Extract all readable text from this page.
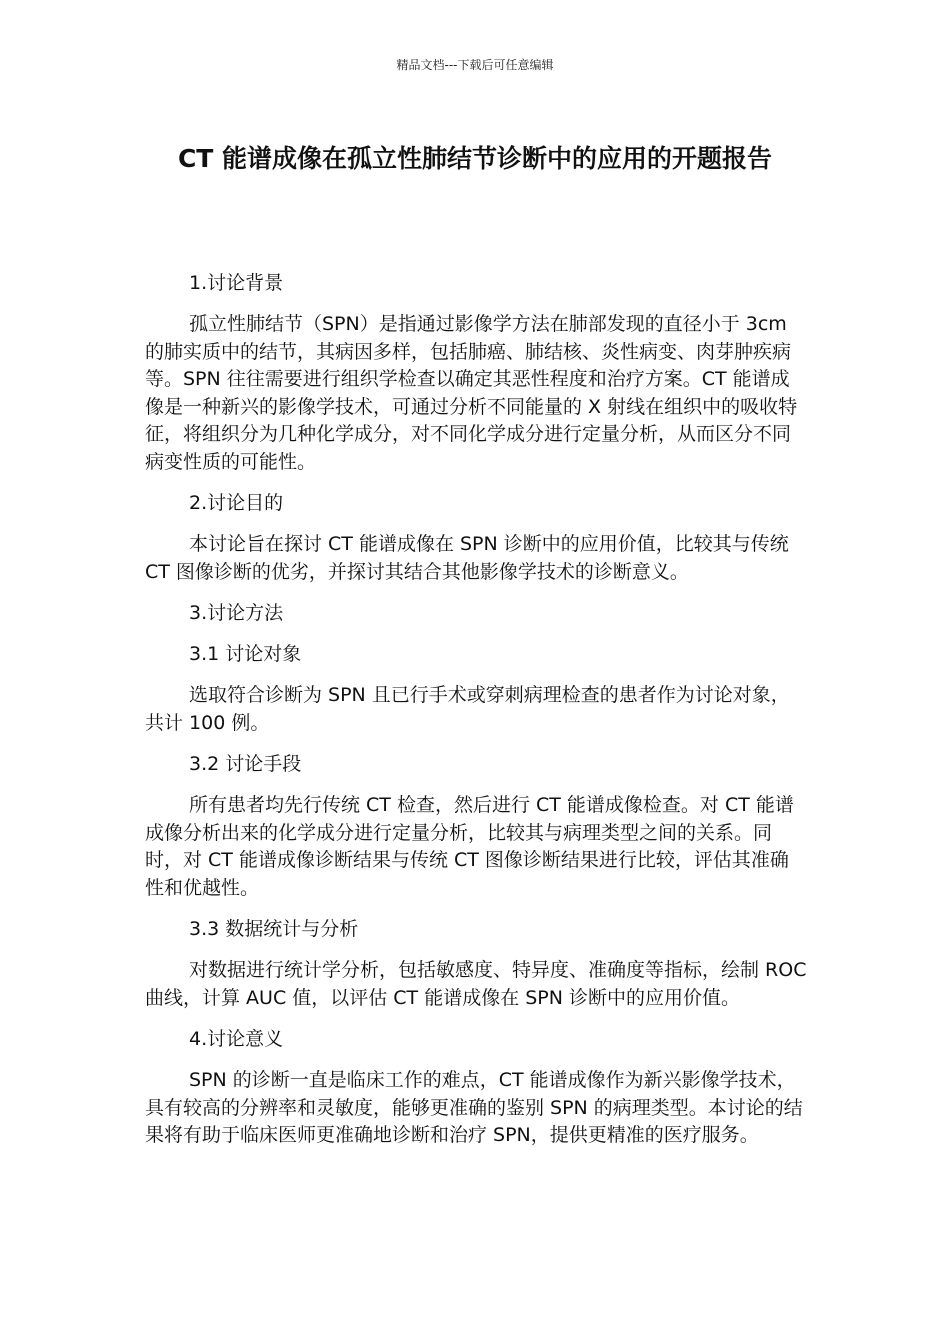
精品文档---下载后可任意编辑
CT 能谱成像在孤立性肺结节诊断中的应用的开题报告

1.讨论背景

孤立性肺结节（SPN）是指通过影像学方法在肺部发现的直径小于 3cm 的肺实质中的结节，其病因多样，包括肺癌、肺结核、炎性病变、肉芽肿疾病等。SPN 往往需要进行组织学检查以确定其恶性程度和治疗方案。CT 能谱成像是一种新兴的影像学技术，可通过分析不同能量的 X 射线在组织中的吸收特征，将组织分为几种化学成分，对不同化学成分进行定量分析，从而区分不同病变性质的可能性。

2.讨论目的

本讨论旨在探讨 CT 能谱成像在 SPN 诊断中的应用价值，比较其与传统 CT 图像诊断的优劣，并探讨其结合其他影像学技术的诊断意义。

3.讨论方法

3.1 讨论对象

选取符合诊断为 SPN 且已行手术或穿刺病理检查的患者作为讨论对象，共计 100 例。

3.2 讨论手段

所有患者均先行传统 CT 检查，然后进行 CT 能谱成像检查。对 CT 能谱成像分析出来的化学成分进行定量分析，比较其与病理类型之间的关系。同时，对 CT 能谱成像诊断结果与传统 CT 图像诊断结果进行比较，评估其准确性和优越性。

3.3 数据统计与分析

对数据进行统计学分析，包括敏感度、特异度、准确度等指标，绘制 ROC 曲线，计算 AUC 值，以评估 CT 能谱成像在 SPN 诊断中的应用价值。

4.讨论意义

SPN 的诊断一直是临床工作的难点，CT 能谱成像作为新兴影像学技术，具有较高的分辨率和灵敏度，能够更准确的鉴别 SPN 的病理类型。本讨论的结果将有助于临床医师更准确地诊断和治疗 SPN，提供更精准的医疗服务。
